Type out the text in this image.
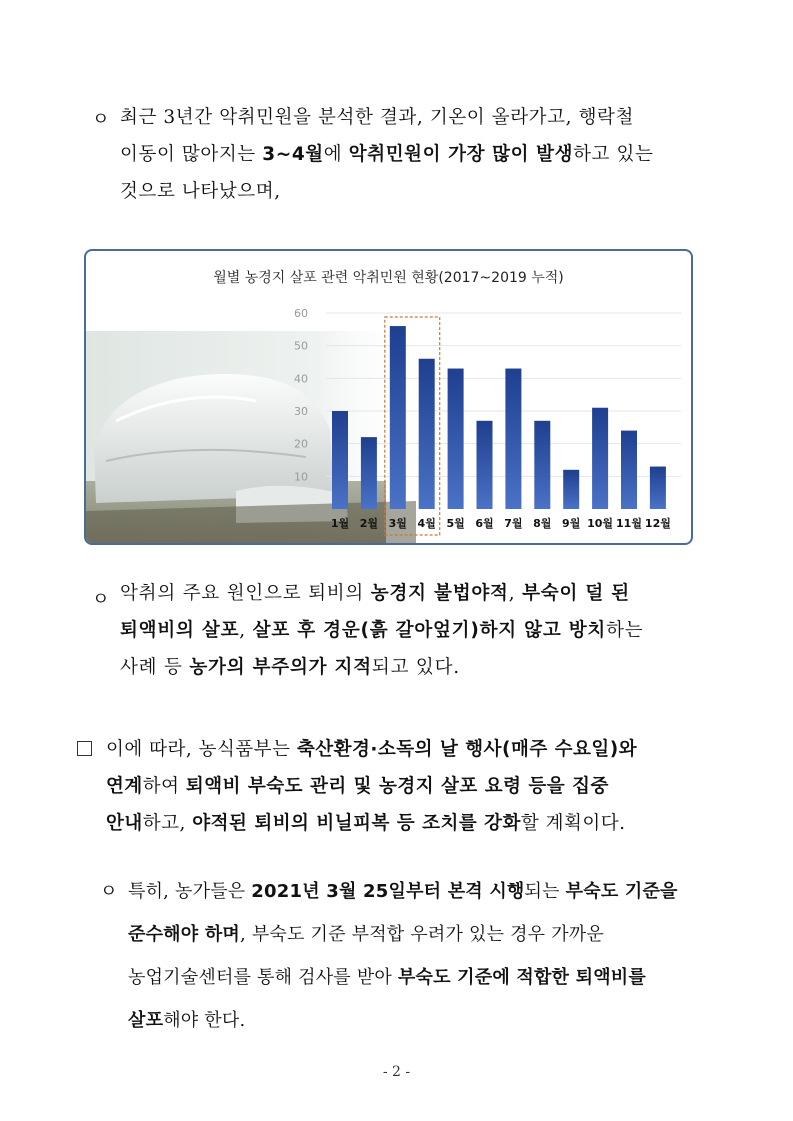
ㅇ 최근 3년간 악취민원을 분석한 결과, 기온이 올라가고, 행락철
이동이 많아지는 3~4월에 악취민원이 가장 많이 발생하고 있는
것으로 나타났으며,
10
20
30
40
50
60
1월 2월 3월 4월 5월 6월 7월 8월 9월 10월 11월 12월
월별 농경지 살포 관련 악취민원 현황(2017~2019 누적)
ㅇ 악취의 주요 원인으로 퇴비의 농경지 불법야적, 부숙이 덜 된
퇴액비의 살포, 살포 후 경운(흙 갈아엎기)하지 않고 방치하는
사례 등 농가의 부주의가 지적되고 있다.
이에 따라, 농식품부는 축산환경·소독의 날 행사(매주 수요일)와
연계하여 퇴액비 부숙도 관리 및 농경지 살포 요령 등을 집중
안내하고, 야적된 퇴비의 비닐피복 등 조치를 강화할 계획이다.
ㅇ 특히, 농가들은 2021년 3월 25일부터 본격 시행되는 부숙도 기준을
준수해야 하며, 부숙도 기준 부적합 우려가 있는 경우 가까운
농업기술센터를 통해 검사를 받아 부숙도 기준에 적합한 퇴액비를
살포해야 한다.
- 2 -
